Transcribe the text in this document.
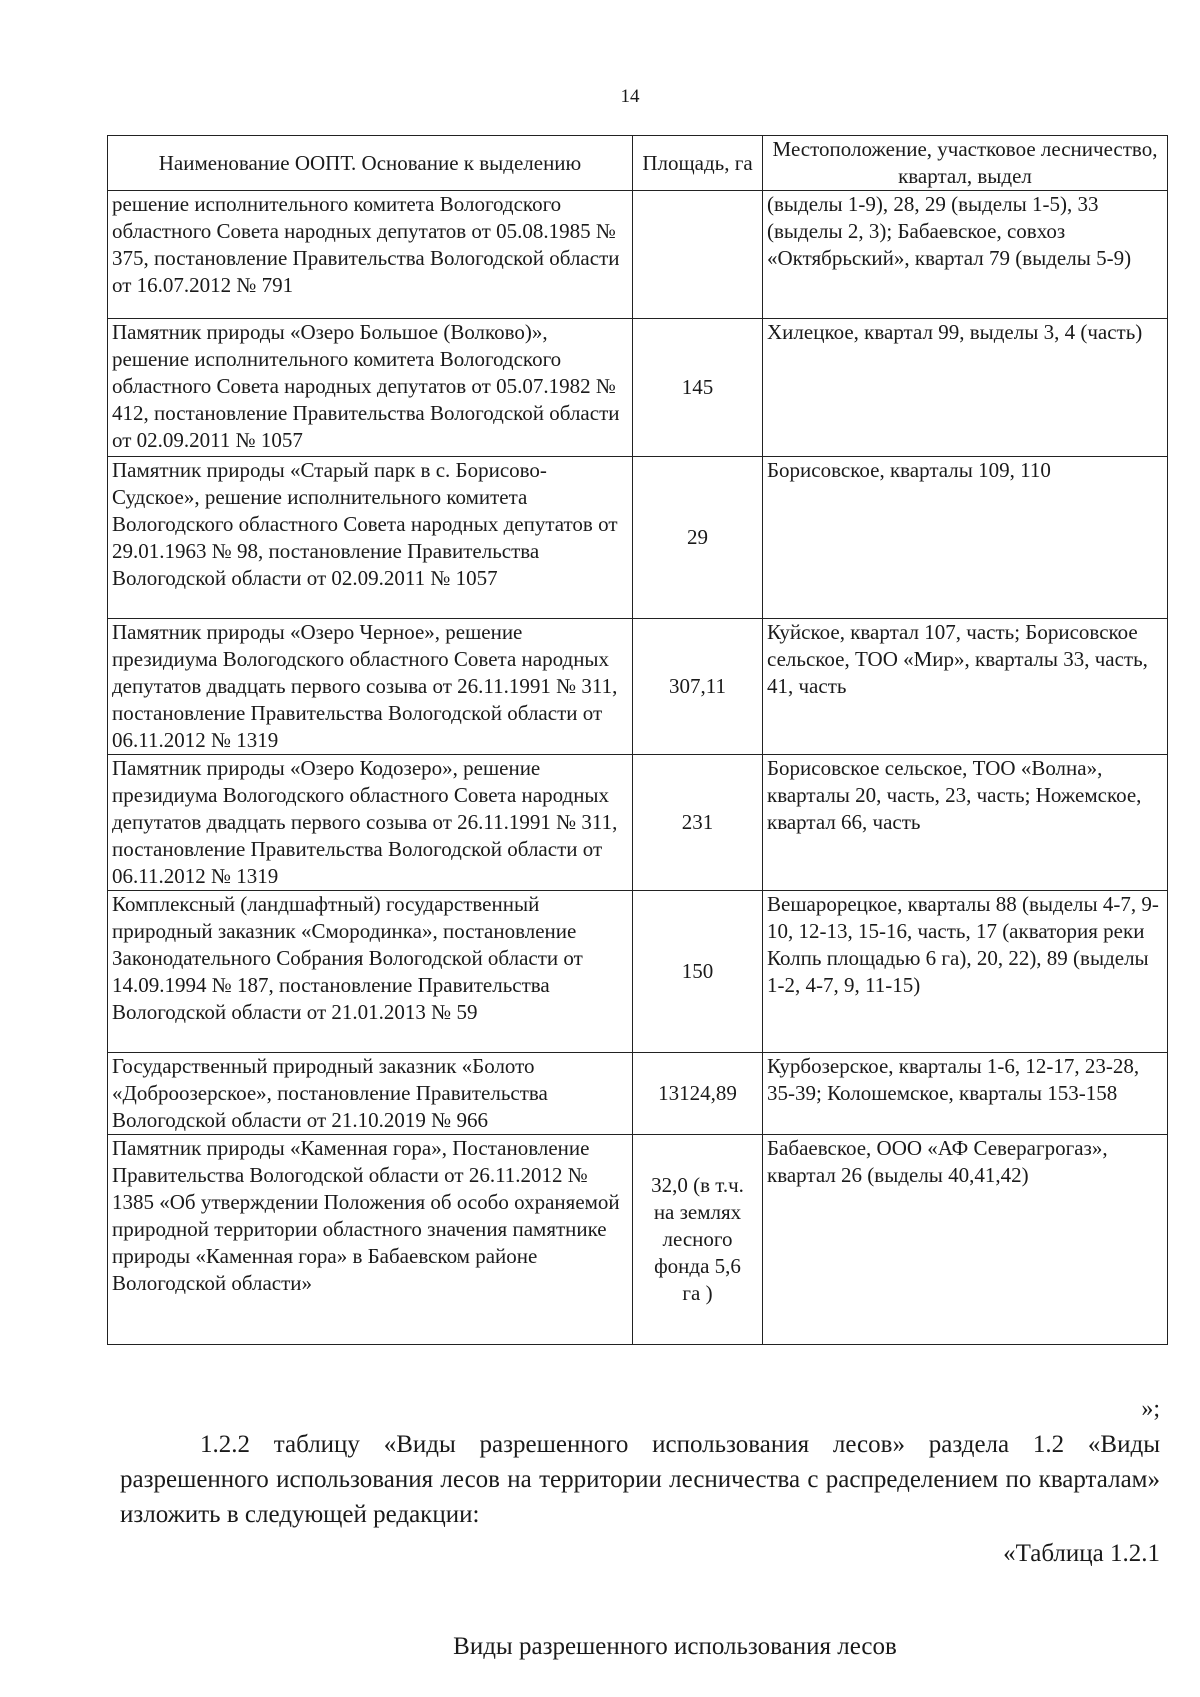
14
Наименование ООПТ. Основание к выделению	Площадь, га	Местоположение, участковое лесничество, квартал, выдел
решение исполнительного комитета Вологодского областного Совета народных депутатов от 05.08.1985 № 375, постановление Правительства Вологодской области от 16.07.2012 № 791		(выделы 1-9), 28, 29 (выделы 1-5), 33 (выделы 2, 3); Бабаевское, совхоз «Октябрьский», квартал 79 (выделы 5-9)
Памятник природы «Озеро Большое (Волково)», решение исполнительного комитета Вологодского областного Совета народных депутатов от 05.07.1982 № 412, постановление Правительства Вологодской области от 02.09.2011 № 1057	145	Хилецкое, квартал 99, выделы 3, 4 (часть)
Памятник природы «Старый парк в с. Борисово-Судское», решение исполнительного комитета Вологодского областного Совета народных депутатов от 29.01.1963 № 98, постановление Правительства Вологодской области от 02.09.2011 № 1057	29	Борисовское, кварталы 109, 110
Памятник природы «Озеро Черное», решение президиума Вологодского областного Совета народных депутатов двадцать первого созыва от 26.11.1991 № 311, постановление Правительства Вологодской области от 06.11.2012 № 1319	307,11	Куйское, квартал 107, часть; Борисовское сельское, ТОО «Мир», кварталы 33, часть, 41, часть
Памятник природы «Озеро Кодозеро», решение президиума Вологодского областного Совета народных депутатов двадцать первого созыва от 26.11.1991 № 311, постановление Правительства Вологодской области от 06.11.2012 № 1319	231	Борисовское сельское, ТОО «Волна», кварталы 20, часть, 23, часть; Ножемское, квартал 66, часть
Комплексный (ландшафтный) государственный природный заказник «Смородинка», постановление Законодательного Собрания Вологодской области от 14.09.1994 № 187, постановление Правительства Вологодской области от 21.01.2013 № 59	150	Вешарорецкое, кварталы 88 (выделы 4-7, 9-10, 12-13, 15-16, часть, 17 (акватория реки Колпь площадью 6 га), 20, 22), 89 (выделы 1-2, 4-7, 9, 11-15)
Государственный природный заказник «Болото «Доброозерское», постановление Правительства Вологодской области от 21.10.2019 № 966	13124,89	Курбозерское, кварталы 1-6, 12-17, 23-28, 35-39; Колошемское, кварталы 153-158
Памятник природы «Каменная гора», Постановление Правительства Вологодской области от 26.11.2012 № 1385 «Об утверждении Положения об особо охраняемой природной территории областного значения памятнике природы «Каменная гора» в Бабаевском районе Вологодской области»	32,0 (в т.ч. на землях лесного фонда 5,6 га )	Бабаевское, ООО «АФ Северагрогаз», квартал 26 (выделы 40,41,42)
»;
1.2.2 таблицу «Виды разрешенного использования лесов» раздела 1.2 «Виды разрешенного использования лесов на территории лесничества с распределением по кварталам» изложить в следующей редакции:
«Таблица 1.2.1
Виды разрешенного использования лесов
